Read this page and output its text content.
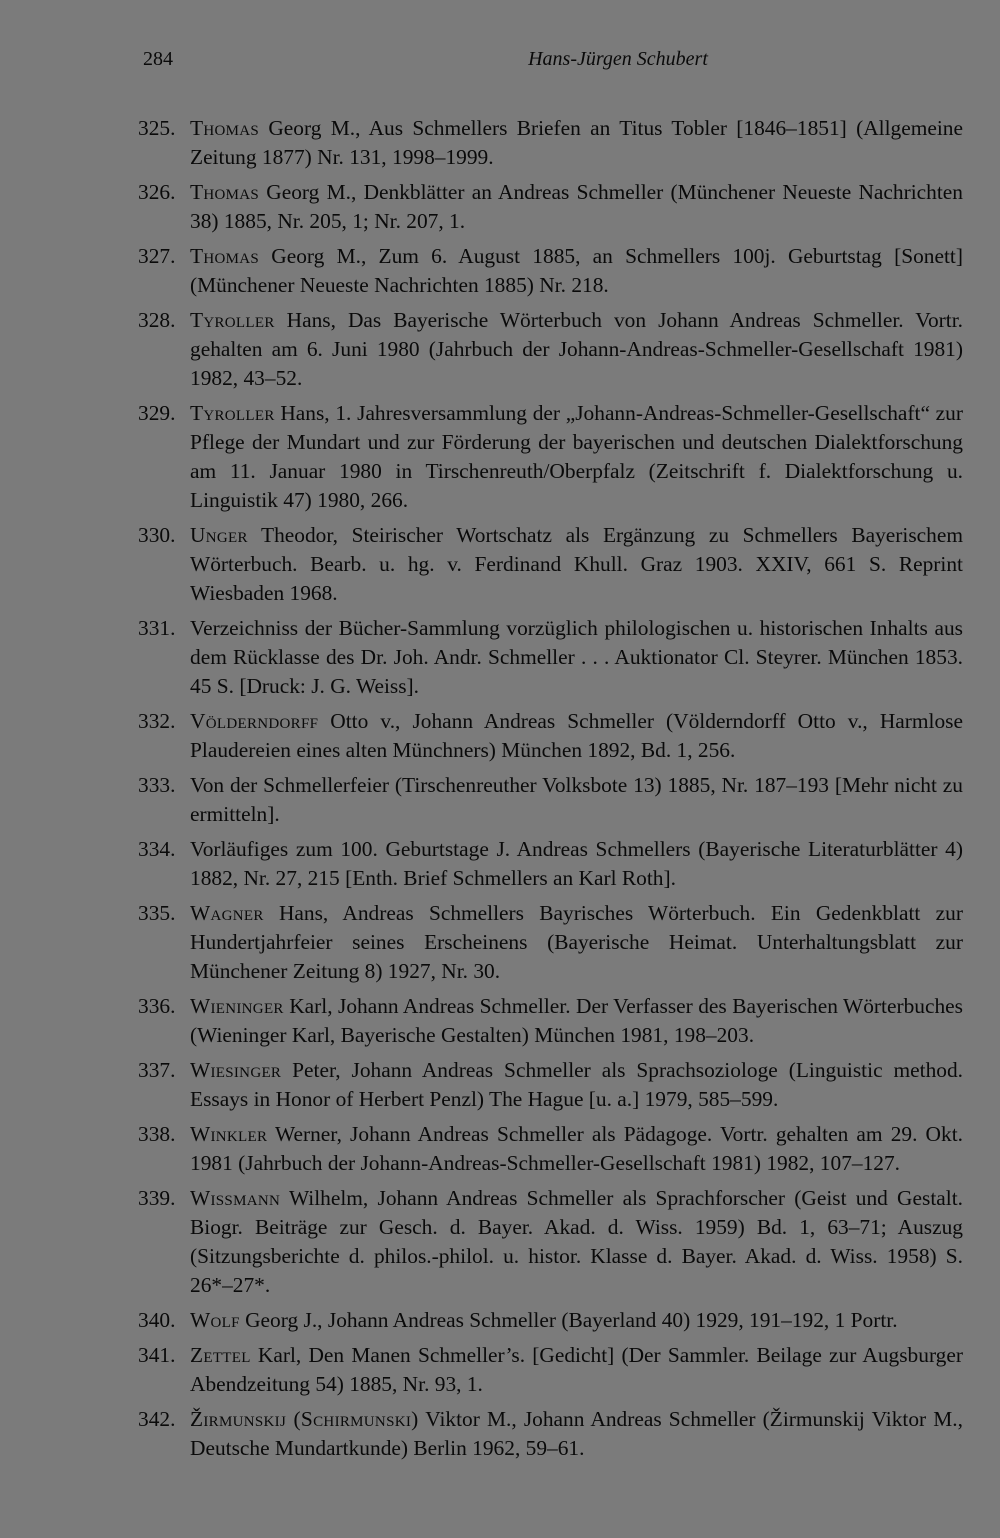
284	Hans-Jürgen Schubert
325. Thomas Georg M., Aus Schmellers Briefen an Titus Tobler [1846–1851] (Allgemeine Zeitung 1877) Nr. 131, 1998–1999.
326. Thomas Georg M., Denkblätter an Andreas Schmeller (Münchener Neueste Nachrichten 38) 1885, Nr. 205, 1; Nr. 207, 1.
327. Thomas Georg M., Zum 6. August 1885, an Schmellers 100j. Geburtstag [Sonett] (Münchener Neueste Nachrichten 1885) Nr. 218.
328. Tyroller Hans, Das Bayerische Wörterbuch von Johann Andreas Schmeller. Vortr. gehalten am 6. Juni 1980 (Jahrbuch der Johann-Andreas-Schmeller-Gesellschaft 1981) 1982, 43–52.
329. Tyroller Hans, 1. Jahresversammlung der „Johann-Andreas-Schmeller-Gesellschaft“ zur Pflege der Mundart und zur Förderung der bayerischen und deutschen Dialektforschung am 11. Januar 1980 in Tirschenreuth/Oberpfalz (Zeitschrift f. Dialektforschung u. Linguistik 47) 1980, 266.
330. Unger Theodor, Steirischer Wortschatz als Ergänzung zu Schmellers Bayerischem Wörterbuch. Bearb. u. hg. v. Ferdinand Khull. Graz 1903. XXIV, 661 S. Reprint Wiesbaden 1968.
331. Verzeichniss der Bücher-Sammlung vorzüglich philologischen u. historischen Inhalts aus dem Rücklasse des Dr. Joh. Andr. Schmeller . . . Auktionator Cl. Steyrer. München 1853. 45 S. [Druck: J. G. Weiss].
332. Völderndorff Otto v., Johann Andreas Schmeller (Völderndorff Otto v., Harmlose Plaudereien eines alten Münchners) München 1892, Bd. 1, 256.
333. Von der Schmellerfeier (Tirschenreuther Volksbote 13) 1885, Nr. 187–193 [Mehr nicht zu ermitteln].
334. Vorläufiges zum 100. Geburtstage J. Andreas Schmellers (Bayerische Literaturblätter 4) 1882, Nr. 27, 215 [Enth. Brief Schmellers an Karl Roth].
335. Wagner Hans, Andreas Schmellers Bayrisches Wörterbuch. Ein Gedenkblatt zur Hundertjahrfeier seines Erscheinens (Bayerische Heimat. Unterhaltungsblatt zur Münchener Zeitung 8) 1927, Nr. 30.
336. Wieninger Karl, Johann Andreas Schmeller. Der Verfasser des Bayerischen Wörterbuches (Wieninger Karl, Bayerische Gestalten) München 1981, 198–203.
337. Wiesinger Peter, Johann Andreas Schmeller als Sprachsoziologe (Linguistic method. Essays in Honor of Herbert Penzl) The Hague [u. a.] 1979, 585–599.
338. Winkler Werner, Johann Andreas Schmeller als Pädagoge. Vortr. gehalten am 29. Okt. 1981 (Jahrbuch der Johann-Andreas-Schmeller-Gesellschaft 1981) 1982, 107–127.
339. Wissmann Wilhelm, Johann Andreas Schmeller als Sprachforscher (Geist und Gestalt. Biogr. Beiträge zur Gesch. d. Bayer. Akad. d. Wiss. 1959) Bd. 1, 63–71; Auszug (Sitzungsberichte d. philos.-philol. u. histor. Klasse d. Bayer. Akad. d. Wiss. 1958) S. 26*–27*.
340. Wolf Georg J., Johann Andreas Schmeller (Bayerland 40) 1929, 191–192, 1 Portr.
341. Zettel Karl, Den Manen Schmeller’s. [Gedicht] (Der Sammler. Beilage zur Augsburger Abendzeitung 54) 1885, Nr. 93, 1.
342. Žirmunskij (Schirmunski) Viktor M., Johann Andreas Schmeller (Žirmunskij Viktor M., Deutsche Mundartkunde) Berlin 1962, 59–61.
